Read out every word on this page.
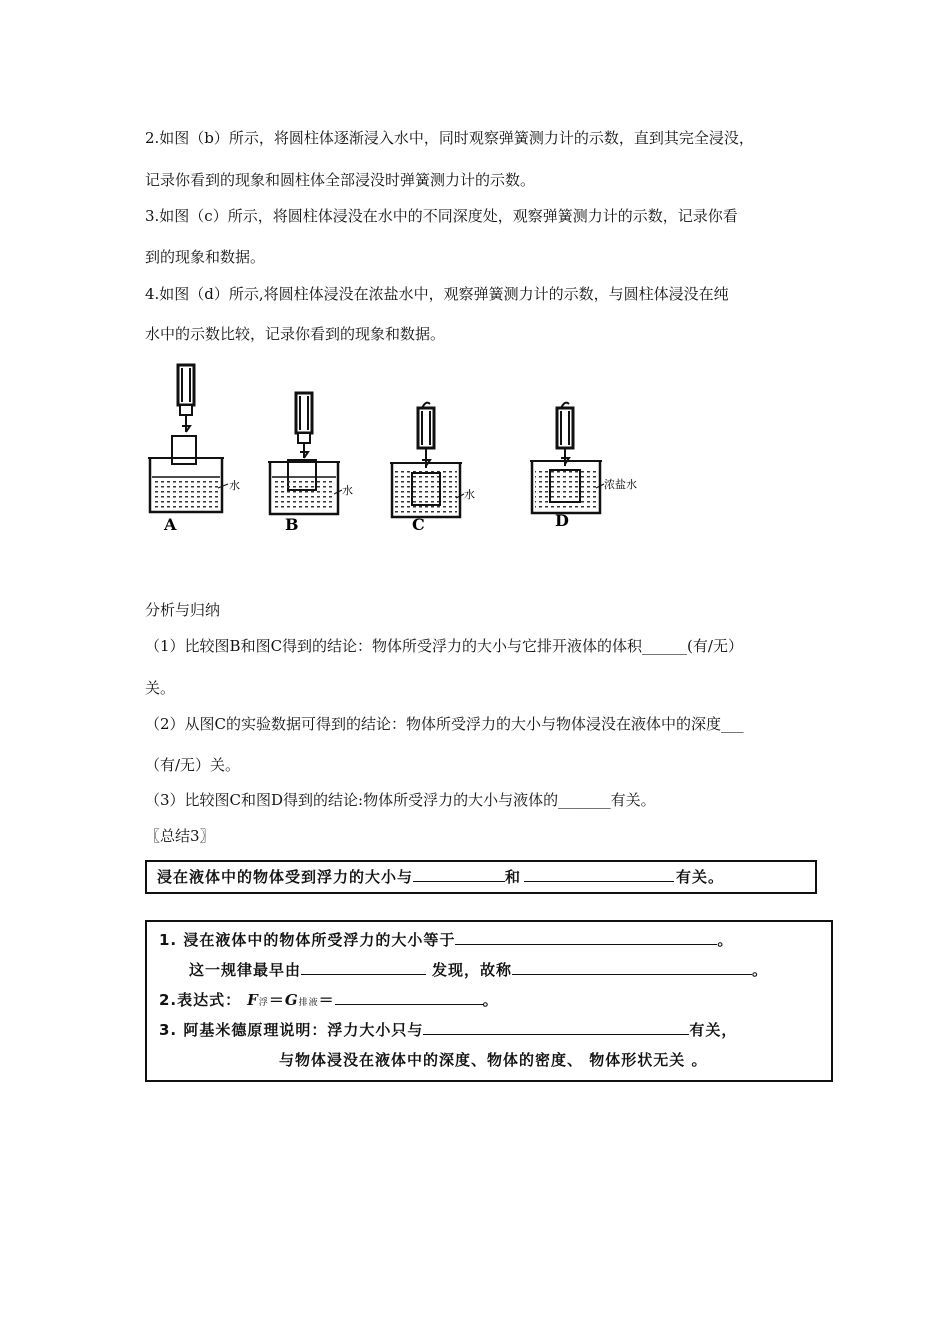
2.如图（b）所示，将圆柱体逐渐浸入水中，同时观察弹簧测力计的示数，直到其完全浸没，
记录你看到的现象和圆柱体全部浸没时弹簧测力计的示数。
3.如图（c）所示，将圆柱体浸没在水中的不同深度处，观察弹簧测力计的示数，记录你看
到的现象和数据。
4.如图（d）所示,将圆柱体浸没在浓盐水中，观察弹簧测力计的示数，与圆柱体浸没在纯
水中的示数比较，记录你看到的现象和数据。
水
A
水
B
水
C
浓盐水
D
分析与归纳
（1）比较图B和图C得到的结论：物体所受浮力的大小与它排开液体的体积______(有/无）
关。
（2）从图C的实验数据可得到的结论：物体所受浮力的大小与物体浸没在液体中的深度___
（有/无）关。
（3）比较图C和图D得到的结论:物体所受浮力的大小与液体的_______有关。
〖总结3〗
浸在液体中的物体受到浮力的大小与	和	有关。
1. 浸在液体中的物体所受浮力的大小等于	。
这一规律最早由	发现，故称	。
2.表达式： F浮＝G排液＝	。
3. 阿基米德原理说明：浮力大小只与	有关，
与物体浸没在液体中的深度、物体的密度、 物体形状无关 。
